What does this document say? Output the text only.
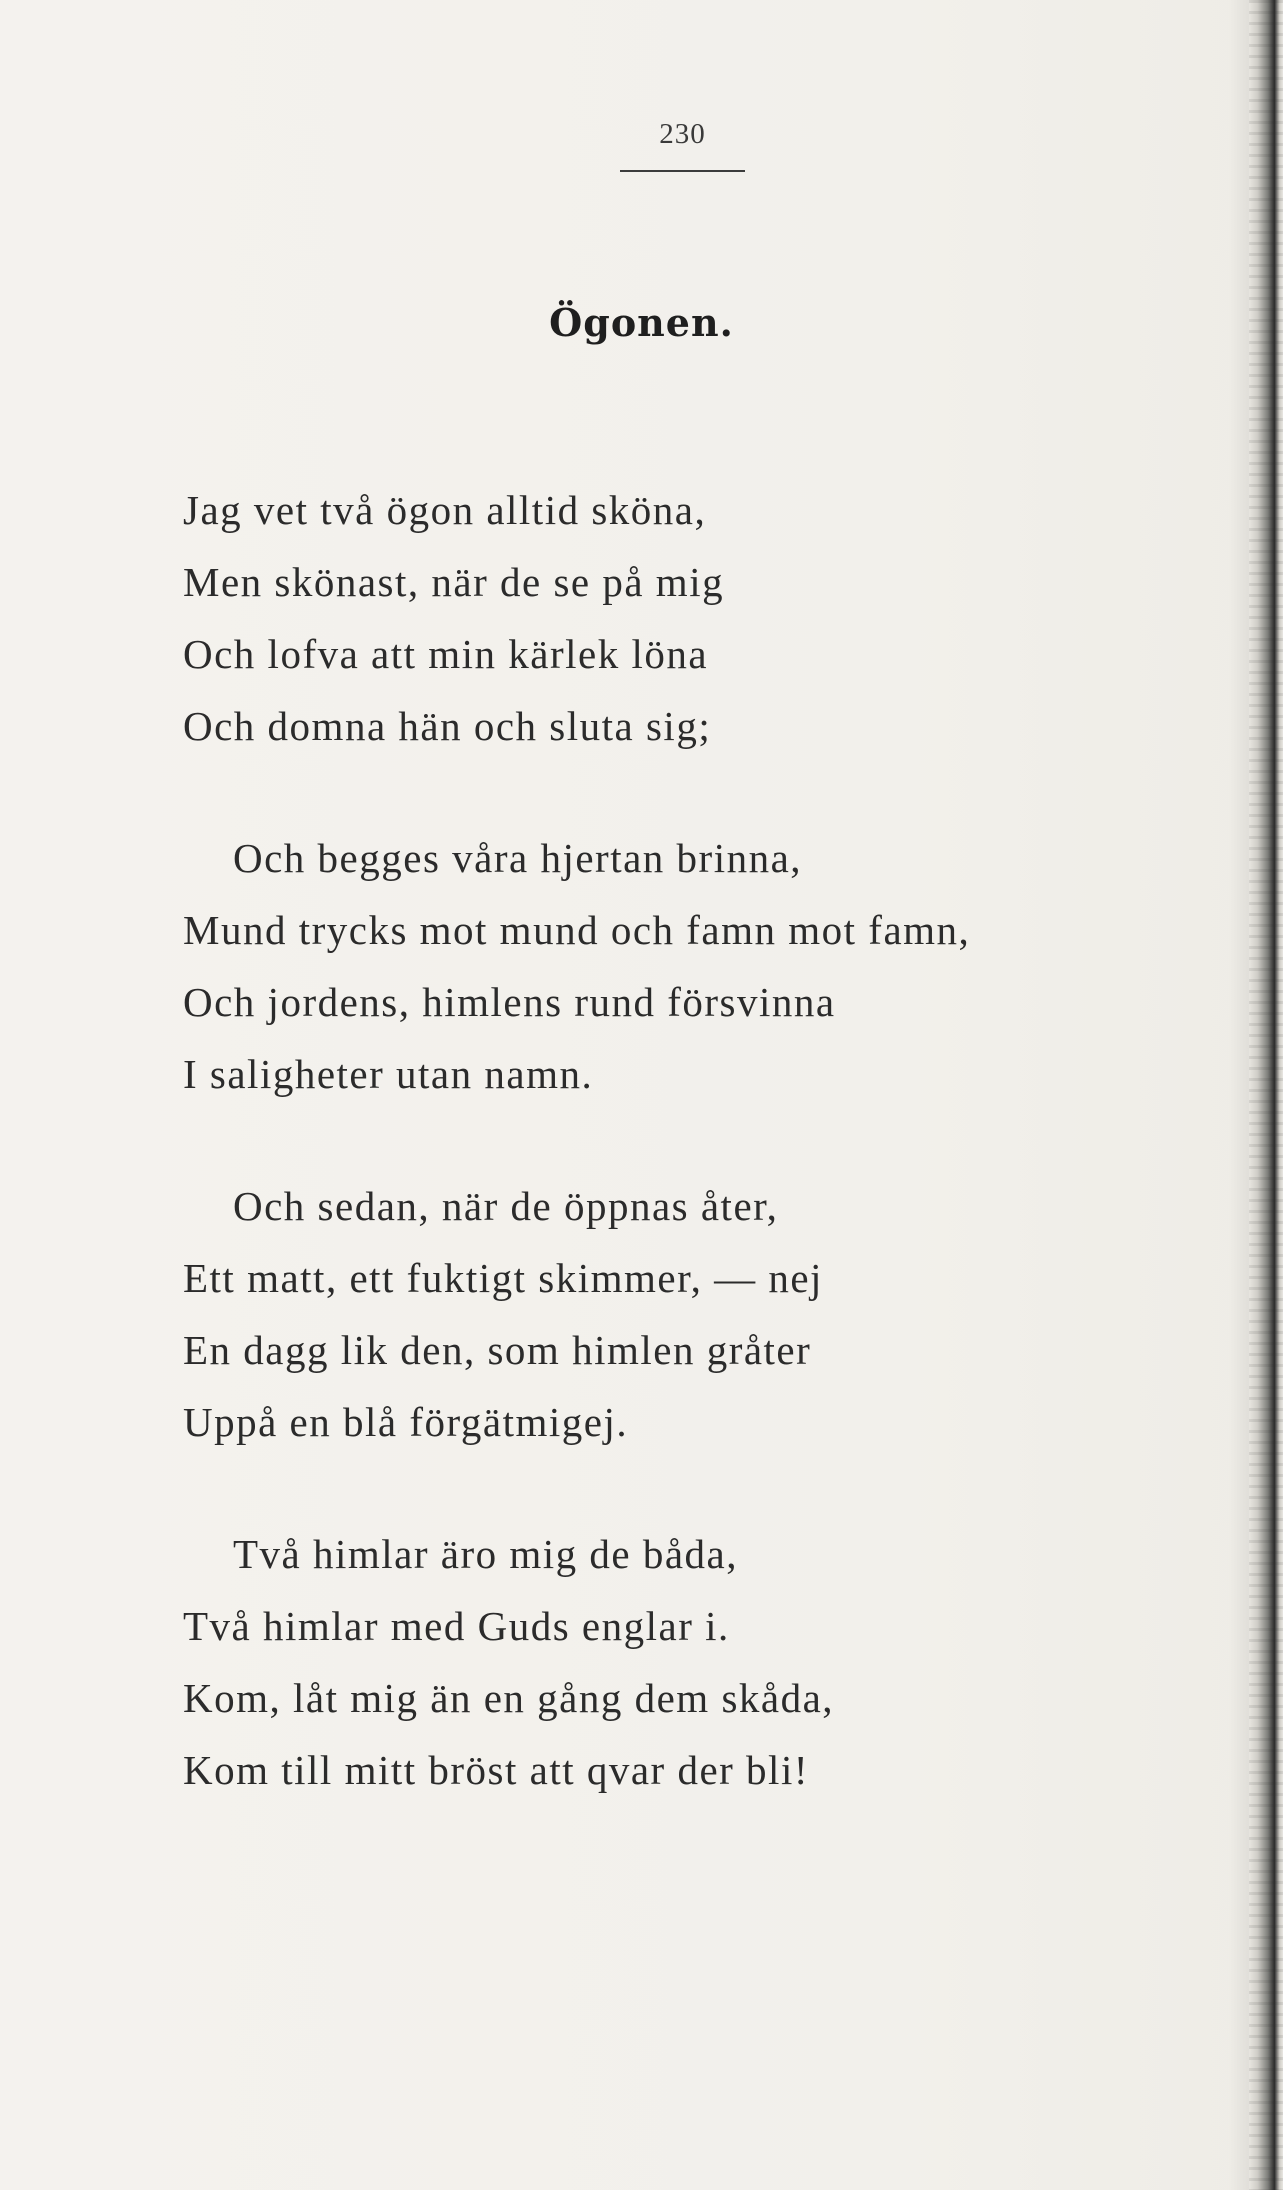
230
Ögonen.
Jag vet två ögon alltid sköna,
Men skönast, när de se på mig
Och lofva att min kärlek löna
Och domna hän och sluta sig;
Och begges våra hjertan brinna,
Mund trycks mot mund och famn mot famn,
Och jordens, himlens rund försvinna
I saligheter utan namn.
Och sedan, när de öppnas åter,
Ett matt, ett fuktigt skimmer, — nej
En dagg lik den, som himlen gråter
Uppå en blå förgätmigej.
Två himlar äro mig de båda,
Två himlar med Guds englar i.
Kom, låt mig än en gång dem skåda,
Kom till mitt bröst att qvar der bli!
